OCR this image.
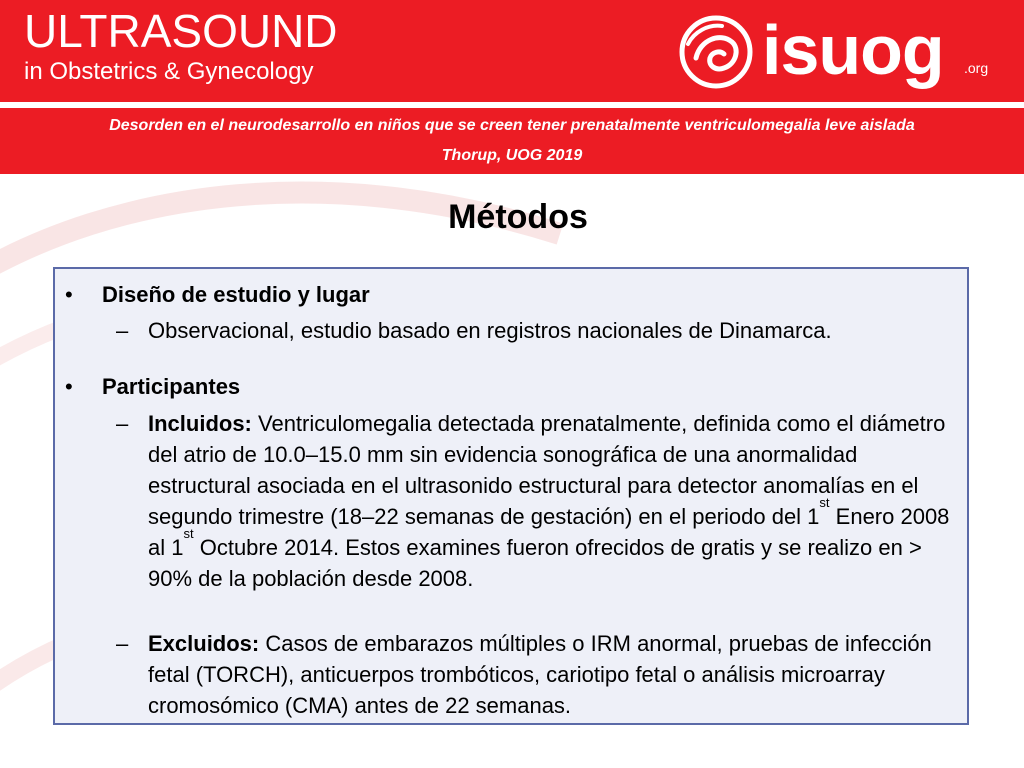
ULTRASOUND
in Obstetrics & Gynecology	isuog .org
Desorden en el neurodesarrollo en niños que se creen tener prenatalmente ventriculomegalia leve aislada
Thorup, UOG 2019
Métodos
• Diseño de estudio y lugar
– Observacional, estudio basado en registros nacionales de Dinamarca.
• Participantes
– Incluidos: Ventriculomegalia detectada prenatalmente, definida como el diámetro del atrio de 10.0–15.0 mm sin evidencia sonográfica de una anormalidad estructural asociada en el ultrasonido estructural para detector anomalías en el segundo trimestre (18–22 semanas de gestación) en el periodo del 1st Enero 2008 al 1st Octubre 2014. Estos examines fueron ofrecidos de gratis y se realizo en > 90% de la población desde 2008.
– Excluidos: Casos de embarazos múltiples o IRM anormal, pruebas de infección fetal (TORCH), anticuerpos trombóticos, cariotipo fetal o análisis microarray cromosómico (CMA) antes de 22 semanas.
